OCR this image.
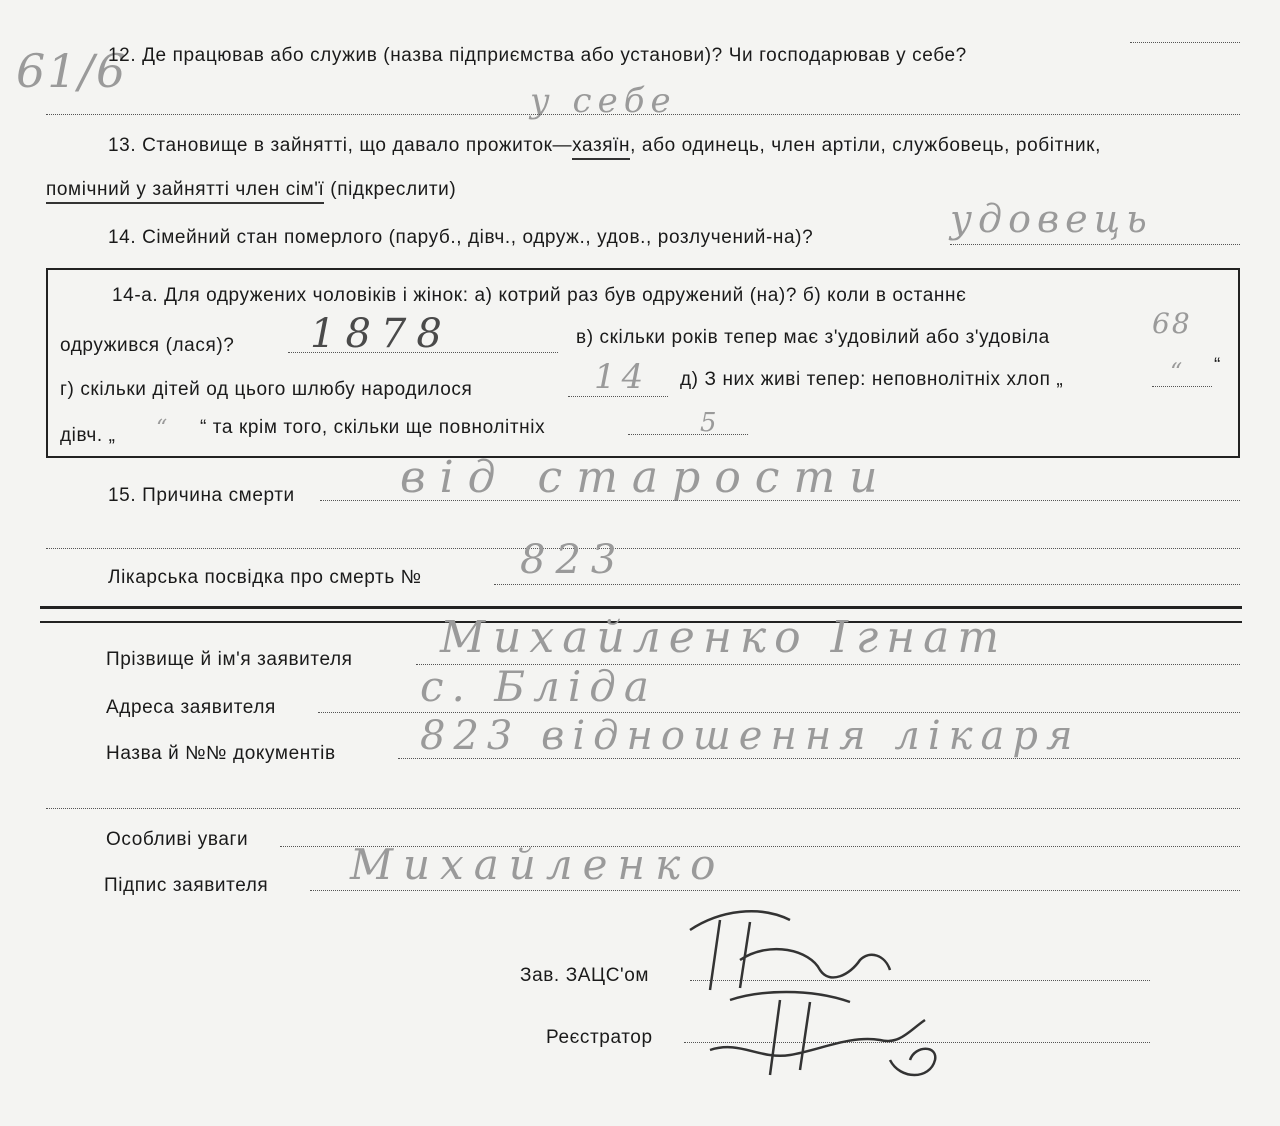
61/6
12. Де працював або служив (назва підприємства або установи)? Чи господарював у себе?
у себе
13. Становище в зайнятті, що давало прожиток—хазяїн, або одинець, член артіли, службовець, робітник,
помічний у зайнятті член сім'ї (підкреслити)
14. Сімейний стан померлого (паруб., дівч., одруж., удов., розлучений-на)?	удовець
14-а. Для одружених чоловіків і жінок: а) котрий раз був одружений (на)? б) коли в останнє
одружився (лася)? 1878	в) скільки років тепер має з'удовілий або з'удовіла	68
г) скільки дітей од цього шлюбу народилося	14 д) З них живі тепер: неповнолітніх хлоп „	“ “
дівч. „ “ “ та крім того, скільки ще повнолітніх	5
15. Причина смерти від старости
Лікарська посвідка про смерть № 823
Прізвище й ім'я заявителя Михайленко Ігнат
Адреса заявителя	с. Бліда
Назва й №№ документів 823 відношення лікаря
Особливі уваги
Підпис заявителя Михайленко
Зав. ЗАЦС'ом
Реєстратор
